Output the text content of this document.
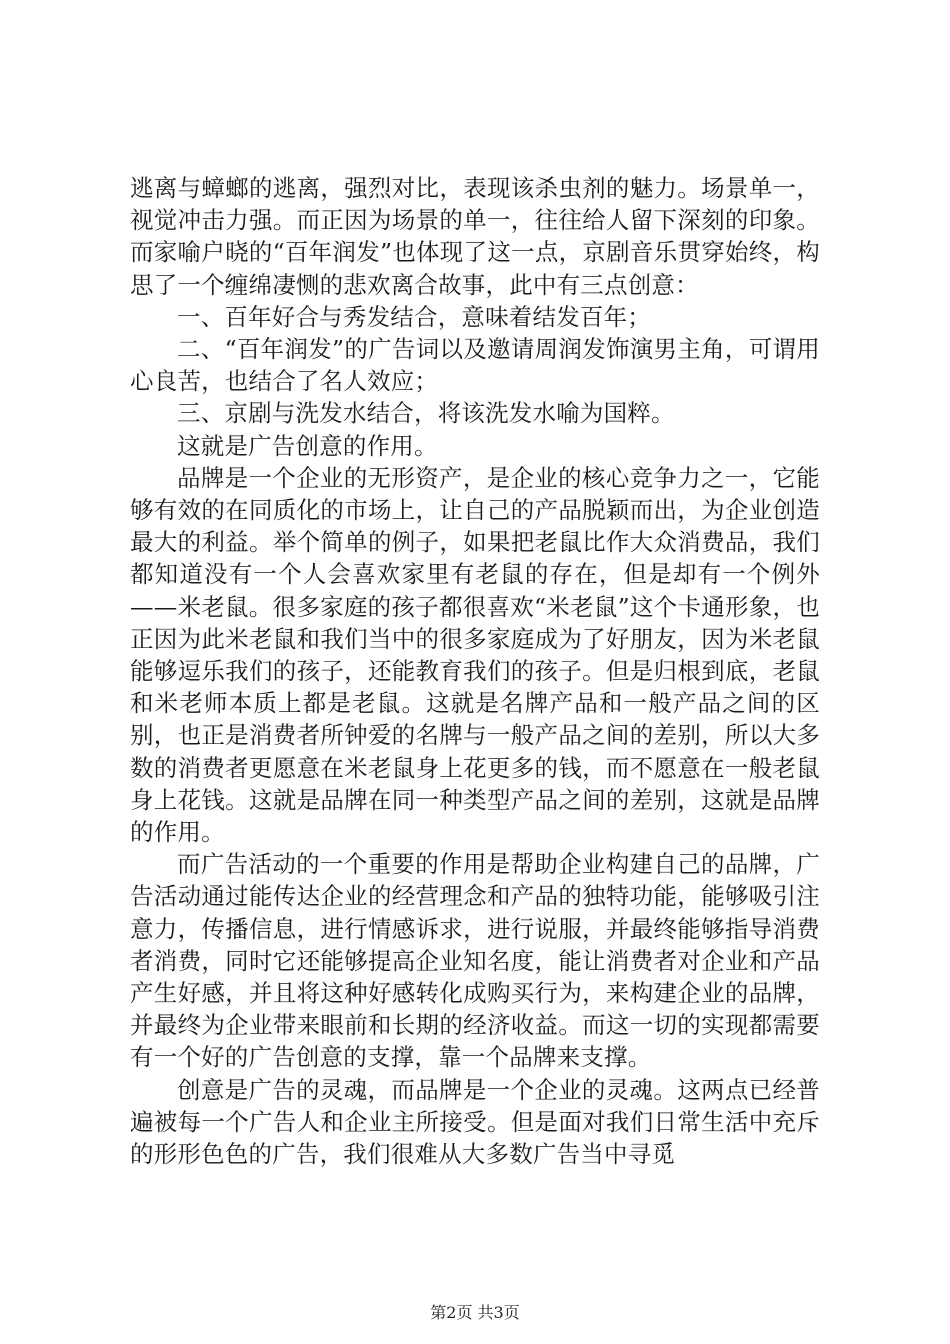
逃离与蟑螂的逃离，强烈对比，表现该杀虫剂的魅力。场景单一，视觉冲击力强。而正因为场景的单一，往往给人留下深刻的印象。而家喻户晓的“百年润发”也体现了这一点，京剧音乐贯穿始终，构思了一个缠绵凄恻的悲欢离合故事，此中有三点创意：

一、百年好合与秀发结合，意味着结发百年；

二、“百年润发”的广告词以及邀请周润发饰演男主角，可谓用心良苦，也结合了名人效应；

三、京剧与洗发水结合，将该洗发水喻为国粹。

这就是广告创意的作用。

品牌是一个企业的无形资产，是企业的核心竞争力之一，它能够有效的在同质化的市场上，让自己的产品脱颖而出，为企业创造最大的利益。举个简单的例子，如果把老鼠比作大众消费品，我们都知道没有一个人会喜欢家里有老鼠的存在，但是却有一个例外——米老鼠。很多家庭的孩子都很喜欢“米老鼠”这个卡通形象，也正因为此米老鼠和我们当中的很多家庭成为了好朋友，因为米老鼠能够逗乐我们的孩子，还能教育我们的孩子。但是归根到底，老鼠和米老师本质上都是老鼠。这就是名牌产品和一般产品之间的区别，也正是消费者所钟爱的名牌与一般产品之间的差别，所以大多数的消费者更愿意在米老鼠身上花更多的钱，而不愿意在一般老鼠身上花钱。这就是品牌在同一种类型产品之间的差别，这就是品牌的作用。

而广告活动的一个重要的作用是帮助企业构建自己的品牌，广告活动通过能传达企业的经营理念和产品的独特功能，能够吸引注意力，传播信息，进行情感诉求，进行说服，并最终能够指导消费者消费，同时它还能够提高企业知名度，能让消费者对企业和产品产生好感，并且将这种好感转化成购买行为，来构建企业的品牌，并最终为企业带来眼前和长期的经济收益。而这一切的实现都需要有一个好的广告创意的支撑，靠一个品牌来支撑。

创意是广告的灵魂，而品牌是一个企业的灵魂。这两点已经普遍被每一个广告人和企业主所接受。但是面对我们日常生活中充斥的形形色色的广告，我们很难从大多数广告当中寻觅

第2页 共3页
